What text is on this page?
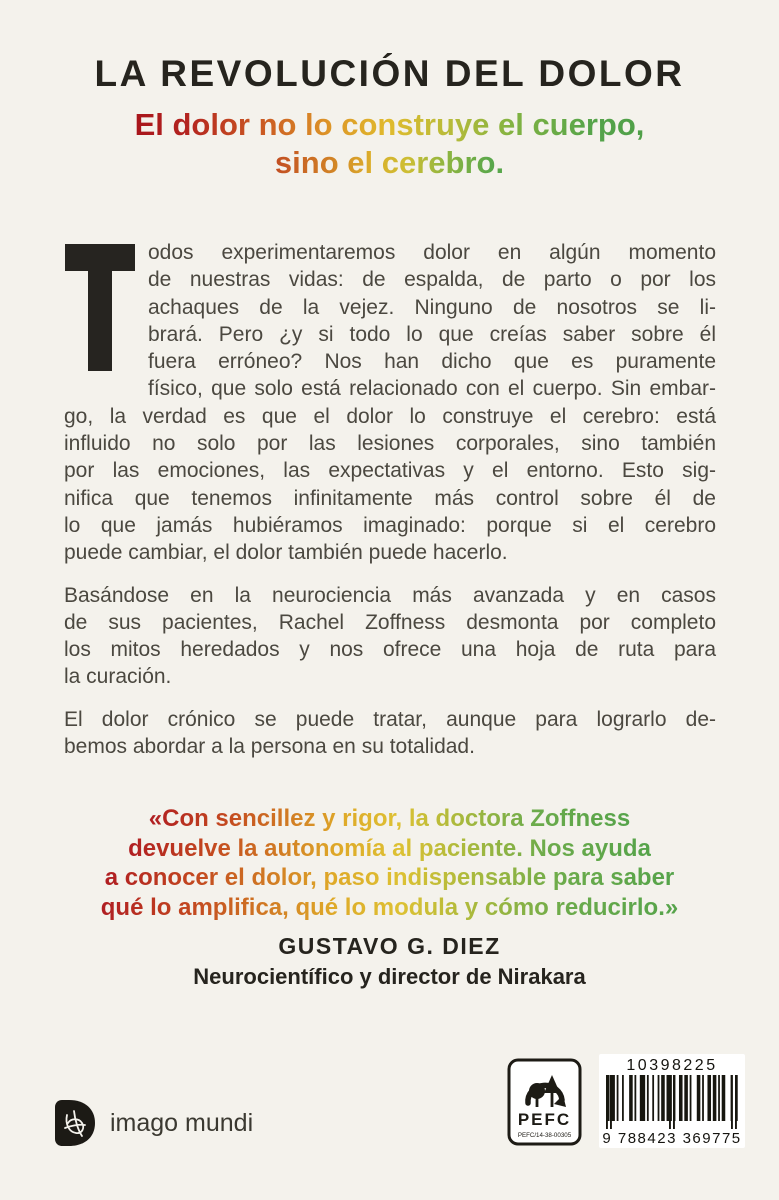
LA REVOLUCIÓN DEL DOLOR
El dolor no lo construye el cuerpo,
sino el cerebro.
odos experimentaremos dolor en algún momento
de nuestras vidas: de espalda, de parto o por los
achaques de la vejez. Ninguno de nosotros se li-
brará. Pero ¿y si todo lo que creías saber sobre él
fuera erróneo? Nos han dicho que es puramente
físico, que solo está relacionado con el cuerpo. Sin embar-
go, la verdad es que el dolor lo construye el cerebro: está
influido no solo por las lesiones corporales, sino también
por las emociones, las expectativas y el entorno. Esto sig-
nifica que tenemos infinitamente más control sobre él de
lo que jamás hubiéramos imaginado: porque si el cerebro
puede cambiar, el dolor también puede hacerlo.
Basándose en la neurociencia más avanzada y en casos
de sus pacientes, Rachel Zoffness desmonta por completo
los mitos heredados y nos ofrece una hoja de ruta para
la curación.
El dolor crónico se puede tratar, aunque para lograrlo de-
bemos abordar a la persona en su totalidad.
«Con sencillez y rigor, la doctora Zoffness
devuelve la autonomía al paciente. Nos ayuda
a conocer el dolor, paso indispensable para saber
qué lo amplifica, qué lo modula y cómo reducirlo.»
GUSTAVO G. DIEZ
Neurocientífico y director de Nirakara
imago mundi	PEFC
PEFC/14-38-00305
10398225
9 788423 369775
